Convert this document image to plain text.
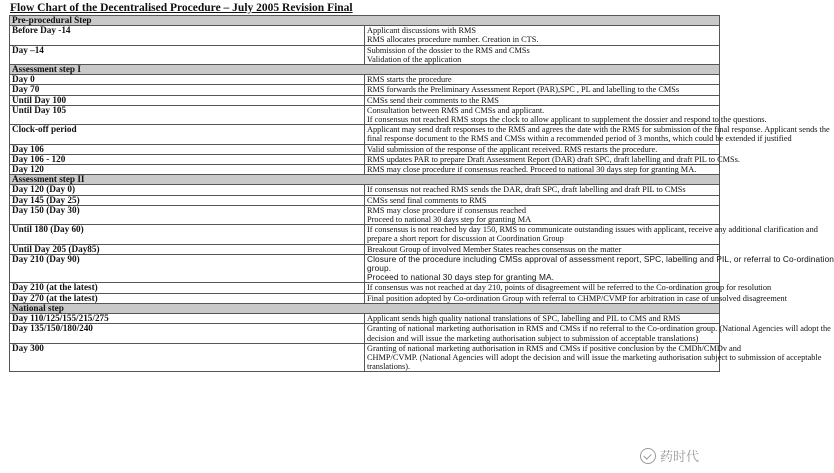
Flow Chart of the Decentralised Procedure – July 2005 Revision Final
Pre-procedural Step	
Before Day -14	Applicant discussions with RMS
RMS allocates procedure number. Creation in CTS.

Day –14	Submission of the dossier to the RMS and CMSs
Validation of the application

Assessment step I	
Day 0	RMS starts the procedure

Day 70	RMS forwards the Preliminary Assessment Report (PAR),SPC , PL and labelling to the CMSs

Until Day 100	CMSs send their comments to the RMS

Until Day 105	Consultation between RMS and CMSs and applicant.
If consensus not reached RMS stops the clock to allow applicant to supplement the dossier and respond to the questions.

Clock-off period	Applicant may send draft responses to the RMS and agrees the date with the RMS for submission of the final response. Applicant sends the
final response document to the RMS and CMSs within a recommended period of 3 months, which could be extended if justified

Day 106	Valid submission of the response of the applicant received. RMS restarts the procedure.

Day 106 - 120	RMS updates PAR to prepare Draft Assessment Report (DAR) draft SPC, draft labelling and draft PIL to CMSs.

Day 120	RMS may close procedure if consensus reached. Proceed to national 30 days step for granting MA.

Assessment step II	
Day 120 (Day 0)	If consensus not reached RMS sends the DAR, draft SPC, draft labelling and draft PIL to CMSs

Day 145 (Day 25)	CMSs send final comments to RMS

Day 150 (Day 30)	RMS may close procedure if consensus reached
Proceed to national 30 days step for granting MA

Until 180 (Day 60)	If consensus is not reached by day 150, RMS to communicate outstanding issues with applicant, receive any additional clarification and
prepare a short report for discussion at Coordination Group

Until Day 205 (Day85)	Breakout Group of involved Member States reaches consensus on the matter

Day 210 (Day 90)	Closure of the procedure including CMSs approval of assessment report, SPC, labelling and PIL, or referral to Co-ordination
group.
Proceed to national 30 days step for granting MA.

Day 210 (at the latest)	If consensus was not reached at day 210, points of disagreement will be referred to the Co-ordination group for resolution

Day 270 (at the latest)	Final position adopted by Co-ordination Group with referral to CHMP/CVMP for arbitration in case of unsolved disagreement

National step	
Day 110/125/155/215/275	Applicant sends high quality national translations of SPC, labelling and PIL to CMS and RMS

Day 135/150/180/240	Granting of national marketing authorisation in RMS and CMSs if no referral to the Co-ordination group. (National Agencies will adopt the
decision and will issue the marketing authorisation subject to submission of acceptable translations)

Day 300	Granting of national marketing authorisation in RMS and CMSs if positive conclusion by the CMDh/CMDv and
CHMP/CVMP. (National Agencies will adopt the decision and will issue the marketing authorisation subject to submission of acceptable
translations).
药时代
